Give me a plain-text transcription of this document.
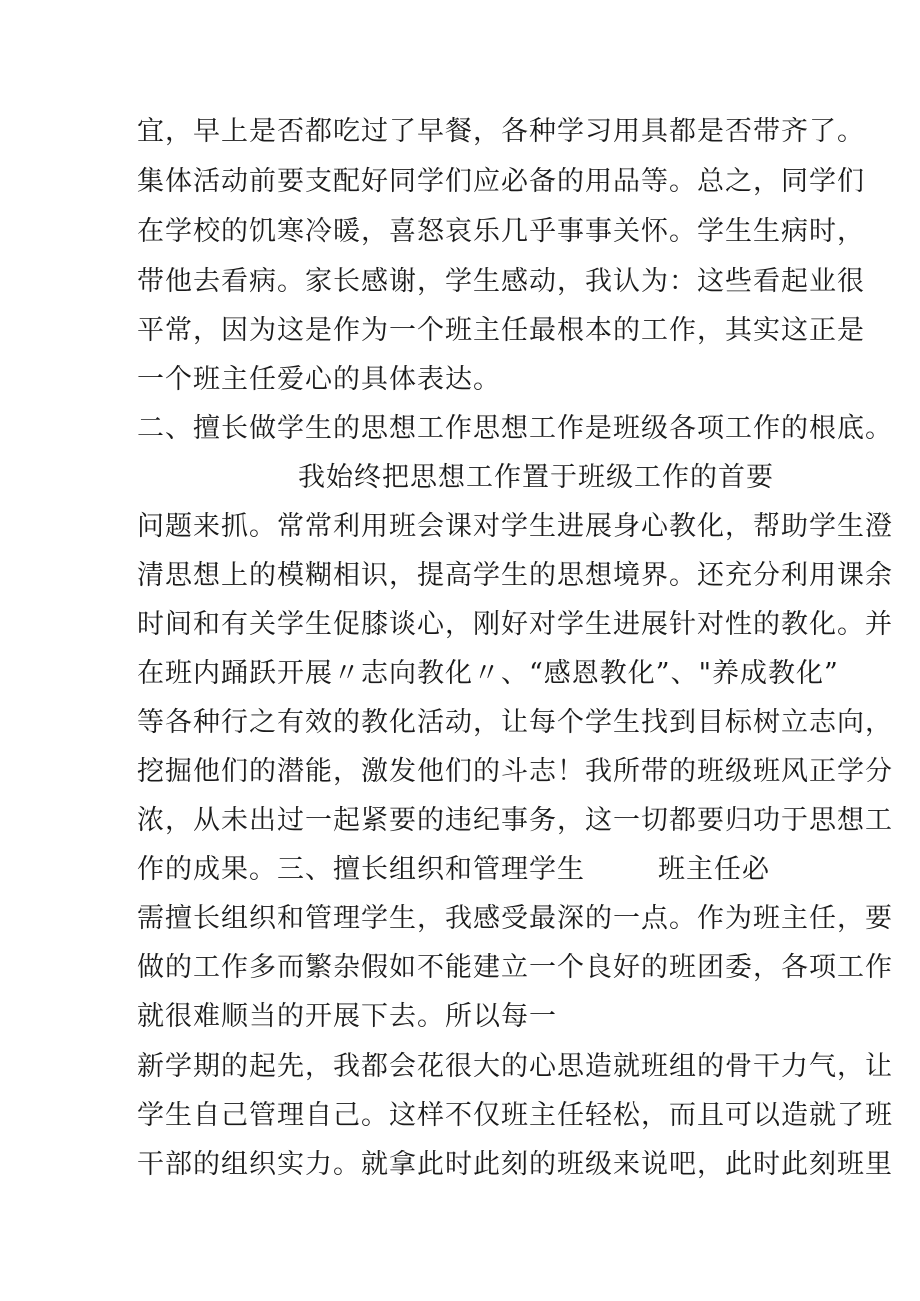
宜，早上是否都吃过了早餐，各种学习用具都是否带齐了。

集体活动前要支配好同学们应必备的用品等。总之，同学们

在学校的饥寒冷暖，喜怒哀乐几乎事事关怀。学生生病时，

带他去看病。家长感谢，学生感动，我认为：这些看起业很

平常，因为这是作为一个班主任最根本的工作，其实这正是

一个班主任爱心的具体表达。

二、擅长做学生的思想工作思想工作是班级各项工作的根底。

我始终把思想工作置于班级工作的首要

问题来抓。常常利用班会课对学生进展身心教化，帮助学生澄

清思想上的模糊相识，提高学生的思想境界。还充分利用课余

时间和有关学生促膝谈心，刚好对学生进展针对性的教化。并

在班内踊跃开展〃志向教化〃、“感恩教化”、"养成教化”

等各种行之有效的教化活动，让每个学生找到目标树立志向，

挖掘他们的潜能，激发他们的斗志！我所带的班级班风正学分

浓，从未出过一起紧要的违纪事务，这一切都要归功于思想工

作的成果。三、擅长组织和管理学生	班主任必

需擅长组织和管理学生，我感受最深的一点。作为班主任，要

做的工作多而繁杂假如不能建立一个良好的班团委，各项工作

就很难顺当的开展下去。所以每一

新学期的起先，我都会花很大的心思造就班组的骨干力气，让

学生自己管理自己。这样不仅班主任轻松，而且可以造就了班

干部的组织实力。就拿此时此刻的班级来说吧，此时此刻班里
